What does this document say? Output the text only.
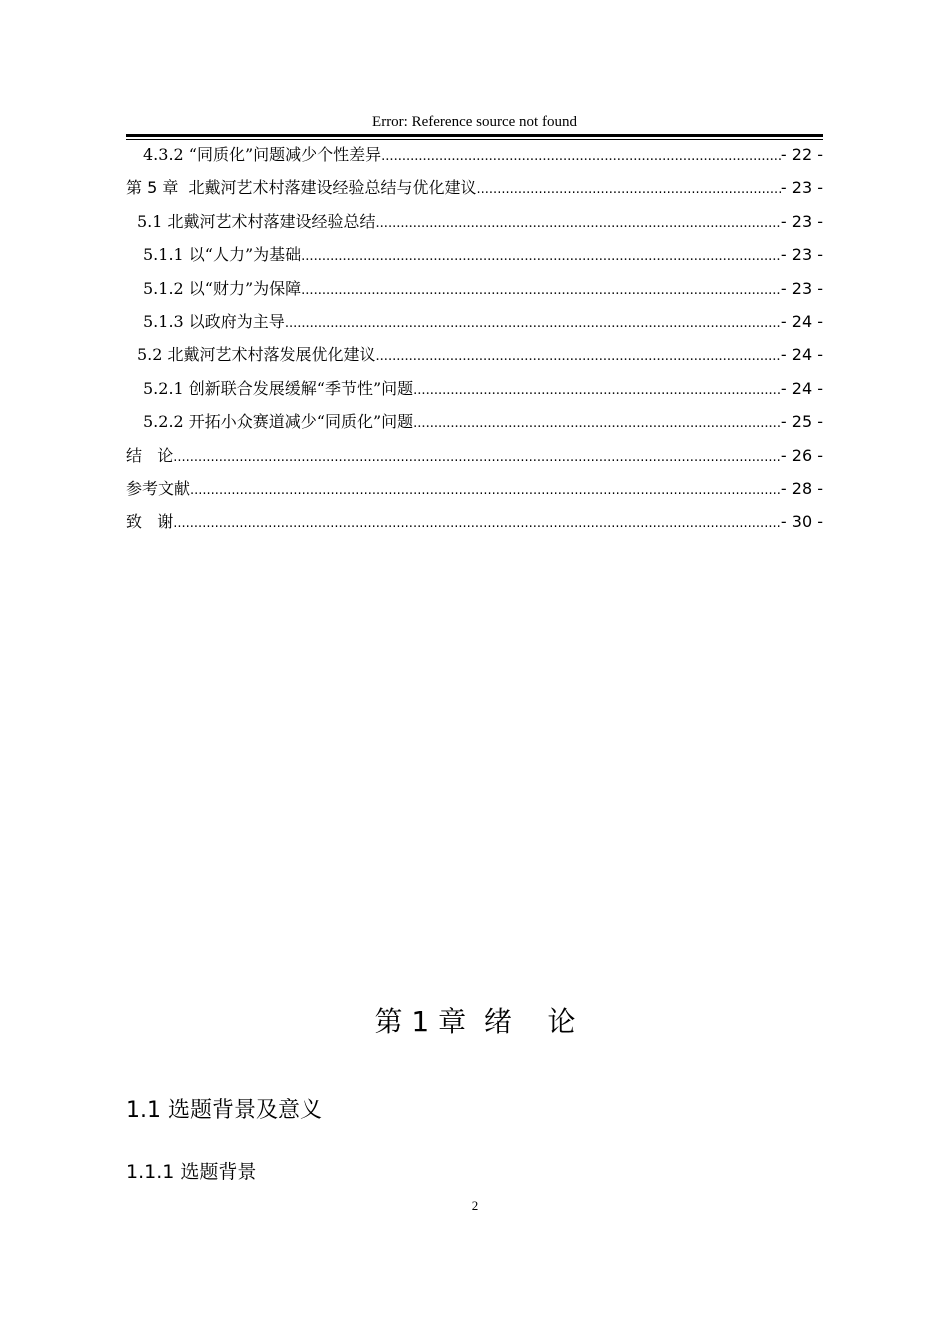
Error: Reference source not found
4.3.2 “同质化”问题减少个性差异 .....	- 22 -
第 5 章  北戴河艺术村落建设经验总结与优化建议 .....	- 23 -
5.1 北戴河艺术村落建设经验总结 .....	- 23 -
5.1.1 以“人力”为基础 .....	- 23 -
5.1.2 以“财力”为保障 .....	- 23 -
5.1.3 以政府为主导 .....	- 24 -
5.2 北戴河艺术村落发展优化建议 .....	- 24 -
5.2.1 创新联合发展缓解“季节性”问题 .....	- 24 -
5.2.2 开拓小众赛道减少“同质化”问题 .....	- 25 -
结   论 .....	- 26 -
参考文献 .....	- 28 -
致   谢 .....	- 30 -
第 1 章  绪    论
1.1 选题背景及意义
1.1.1 选题背景
2
